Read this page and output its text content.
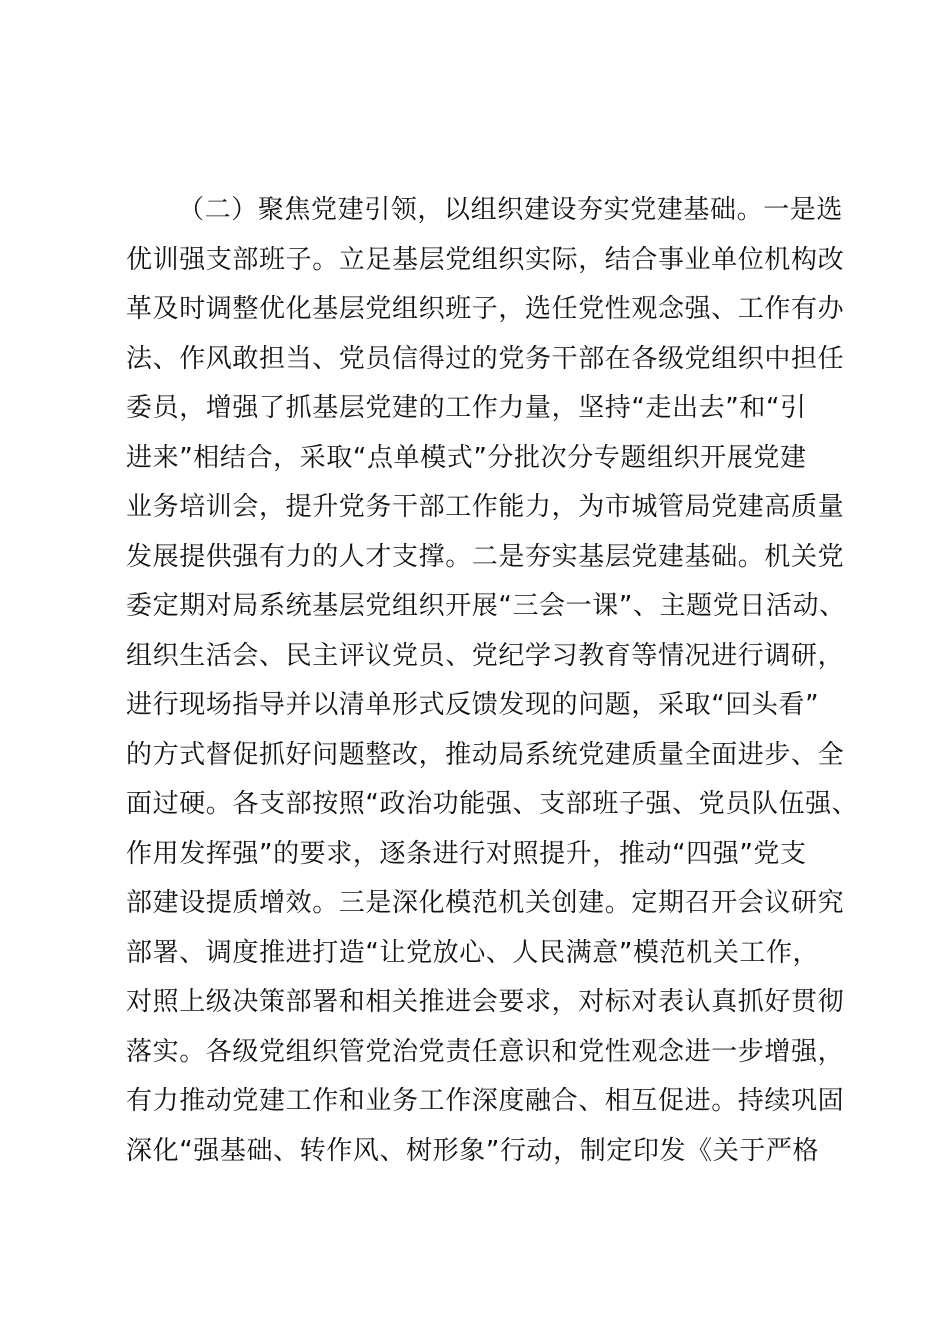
（二）聚焦党建引领，以组织建设夯实党建基础。一是选
优训强支部班子。立足基层党组织实际，结合事业单位机构改
革及时调整优化基层党组织班子，选任党性观念强、工作有办
法、作风敢担当、党员信得过的党务干部在各级党组织中担任
委员，增强了抓基层党建的工作力量，坚持“走出去”和“引
进来”相结合，采取“点单模式”分批次分专题组织开展党建
业务培训会，提升党务干部工作能力，为市城管局党建高质量
发展提供强有力的人才支撑。二是夯实基层党建基础。机关党
委定期对局系统基层党组织开展“三会一课”、主题党日活动、
组织生活会、民主评议党员、党纪学习教育等情况进行调研，
进行现场指导并以清单形式反馈发现的问题，采取“回头看”
的方式督促抓好问题整改，推动局系统党建质量全面进步、全
面过硬。各支部按照“政治功能强、支部班子强、党员队伍强、
作用发挥强”的要求，逐条进行对照提升，推动“四强”党支
部建设提质增效。三是深化模范机关创建。定期召开会议研究
部署、调度推进打造“让党放心、人民满意”模范机关工作，
对照上级决策部署和相关推进会要求，对标对表认真抓好贯彻
落实。各级党组织管党治党责任意识和党性观念进一步增强，
有力推动党建工作和业务工作深度融合、相互促进。持续巩固
深化“强基础、转作风、树形象”行动，制定印发《关于严格
